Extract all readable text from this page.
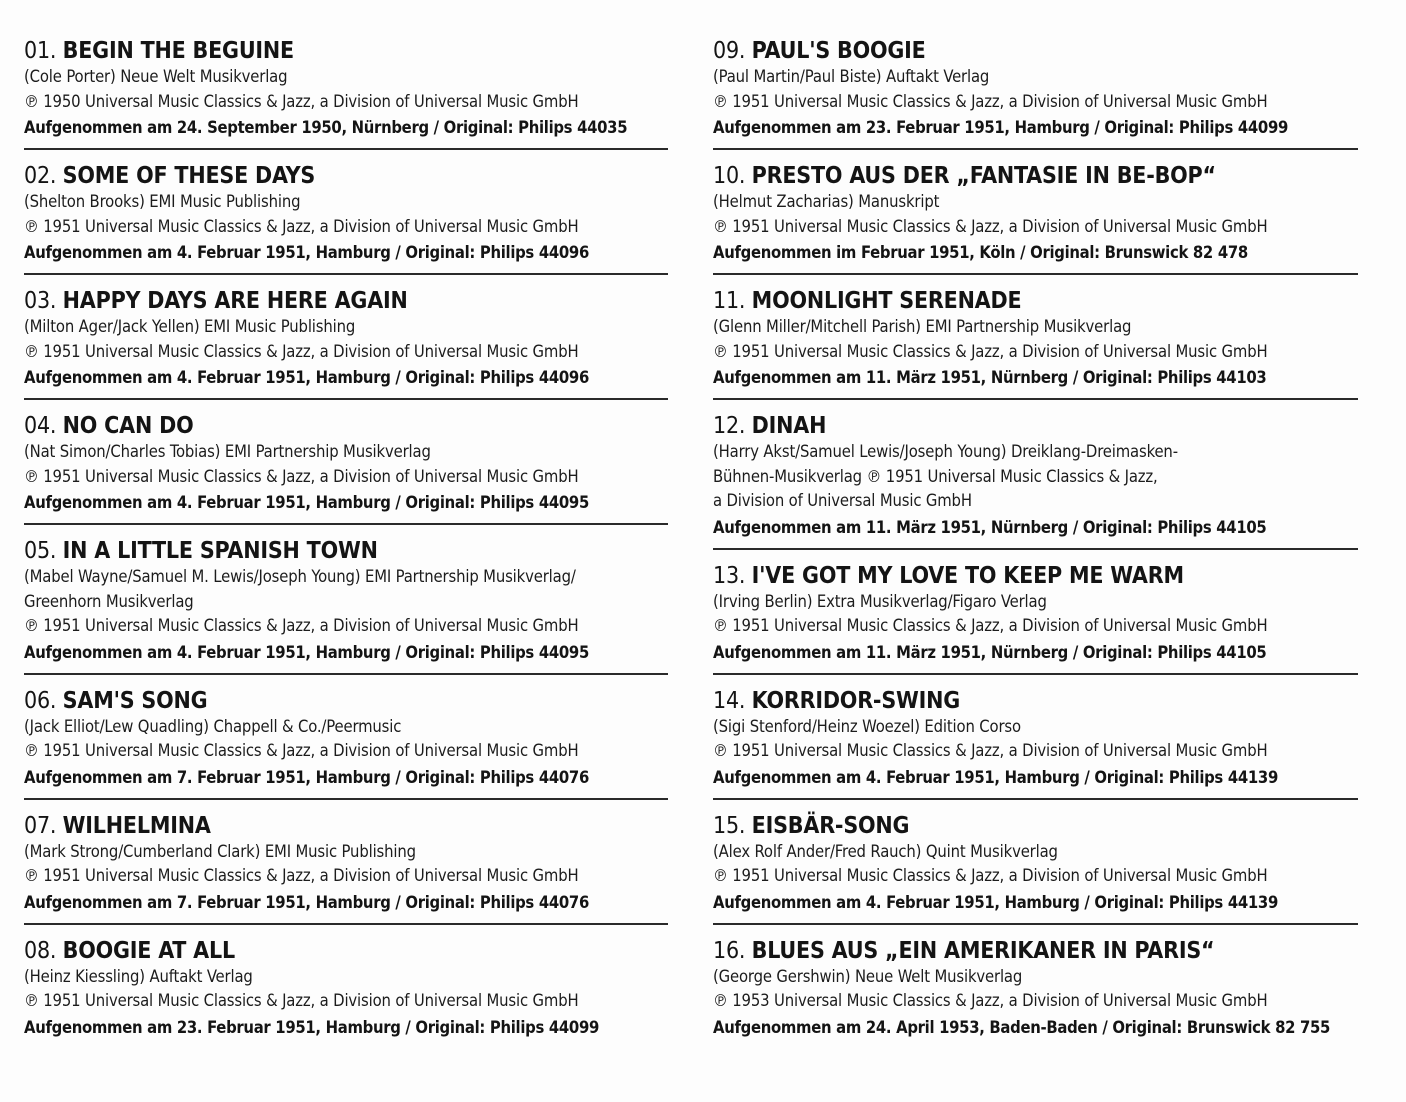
01. BEGIN THE BEGUINE
(Cole Porter) Neue Welt Musikverlag
℗ 1950 Universal Music Classics & Jazz, a Division of Universal Music GmbH
Aufgenommen am 24. September 1950, Nürnberg / Original: Philips 44035
02. SOME OF THESE DAYS
(Shelton Brooks) EMI Music Publishing
℗ 1951 Universal Music Classics & Jazz, a Division of Universal Music GmbH
Aufgenommen am 4. Februar 1951, Hamburg / Original: Philips 44096
03. HAPPY DAYS ARE HERE AGAIN
(Milton Ager/Jack Yellen) EMI Music Publishing
℗ 1951 Universal Music Classics & Jazz, a Division of Universal Music GmbH
Aufgenommen am 4. Februar 1951, Hamburg / Original: Philips 44096
04. NO CAN DO
(Nat Simon/Charles Tobias) EMI Partnership Musikverlag
℗ 1951 Universal Music Classics & Jazz, a Division of Universal Music GmbH
Aufgenommen am 4. Februar 1951, Hamburg / Original: Philips 44095
05. IN A LITTLE SPANISH TOWN
(Mabel Wayne/Samuel M. Lewis/Joseph Young) EMI Partnership Musikverlag/
Greenhorn Musikverlag
℗ 1951 Universal Music Classics & Jazz, a Division of Universal Music GmbH
Aufgenommen am 4. Februar 1951, Hamburg / Original: Philips 44095
06. SAM'S SONG
(Jack Elliot/Lew Quadling) Chappell & Co./Peermusic
℗ 1951 Universal Music Classics & Jazz, a Division of Universal Music GmbH
Aufgenommen am 7. Februar 1951, Hamburg / Original: Philips 44076
07. WILHELMINA
(Mark Strong/Cumberland Clark) EMI Music Publishing
℗ 1951 Universal Music Classics & Jazz, a Division of Universal Music GmbH
Aufgenommen am 7. Februar 1951, Hamburg / Original: Philips 44076
08. BOOGIE AT ALL
(Heinz Kiessling) Auftakt Verlag
℗ 1951 Universal Music Classics & Jazz, a Division of Universal Music GmbH
Aufgenommen am 23. Februar 1951, Hamburg / Original: Philips 44099
09. PAUL'S BOOGIE
(Paul Martin/Paul Biste) Auftakt Verlag
℗ 1951 Universal Music Classics & Jazz, a Division of Universal Music GmbH
Aufgenommen am 23. Februar 1951, Hamburg / Original: Philips 44099
10. PRESTO AUS DER „FANTASIE IN BE-BOP“
(Helmut Zacharias) Manuskript
℗ 1951 Universal Music Classics & Jazz, a Division of Universal Music GmbH
Aufgenommen im Februar 1951, Köln / Original: Brunswick 82 478
11. MOONLIGHT SERENADE
(Glenn Miller/Mitchell Parish) EMI Partnership Musikverlag
℗ 1951 Universal Music Classics & Jazz, a Division of Universal Music GmbH
Aufgenommen am 11. März 1951, Nürnberg / Original: Philips 44103
12. DINAH
(Harry Akst/Samuel Lewis/Joseph Young) Dreiklang-Dreimasken-
Bühnen-Musikverlag ℗ 1951 Universal Music Classics & Jazz,
a Division of Universal Music GmbH
Aufgenommen am 11. März 1951, Nürnberg / Original: Philips 44105
13. I'VE GOT MY LOVE TO KEEP ME WARM
(Irving Berlin) Extra Musikverlag/Figaro Verlag
℗ 1951 Universal Music Classics & Jazz, a Division of Universal Music GmbH
Aufgenommen am 11. März 1951, Nürnberg / Original: Philips 44105
14. KORRIDOR-SWING
(Sigi Stenford/Heinz Woezel) Edition Corso
℗ 1951 Universal Music Classics & Jazz, a Division of Universal Music GmbH
Aufgenommen am 4. Februar 1951, Hamburg / Original: Philips 44139
15. EISBÄR-SONG
(Alex Rolf Ander/Fred Rauch) Quint Musikverlag
℗ 1951 Universal Music Classics & Jazz, a Division of Universal Music GmbH
Aufgenommen am 4. Februar 1951, Hamburg / Original: Philips 44139
16. BLUES AUS „EIN AMERIKANER IN PARIS“
(George Gershwin) Neue Welt Musikverlag
℗ 1953 Universal Music Classics & Jazz, a Division of Universal Music GmbH
Aufgenommen am 24. April 1953, Baden-Baden / Original: Brunswick 82 755
